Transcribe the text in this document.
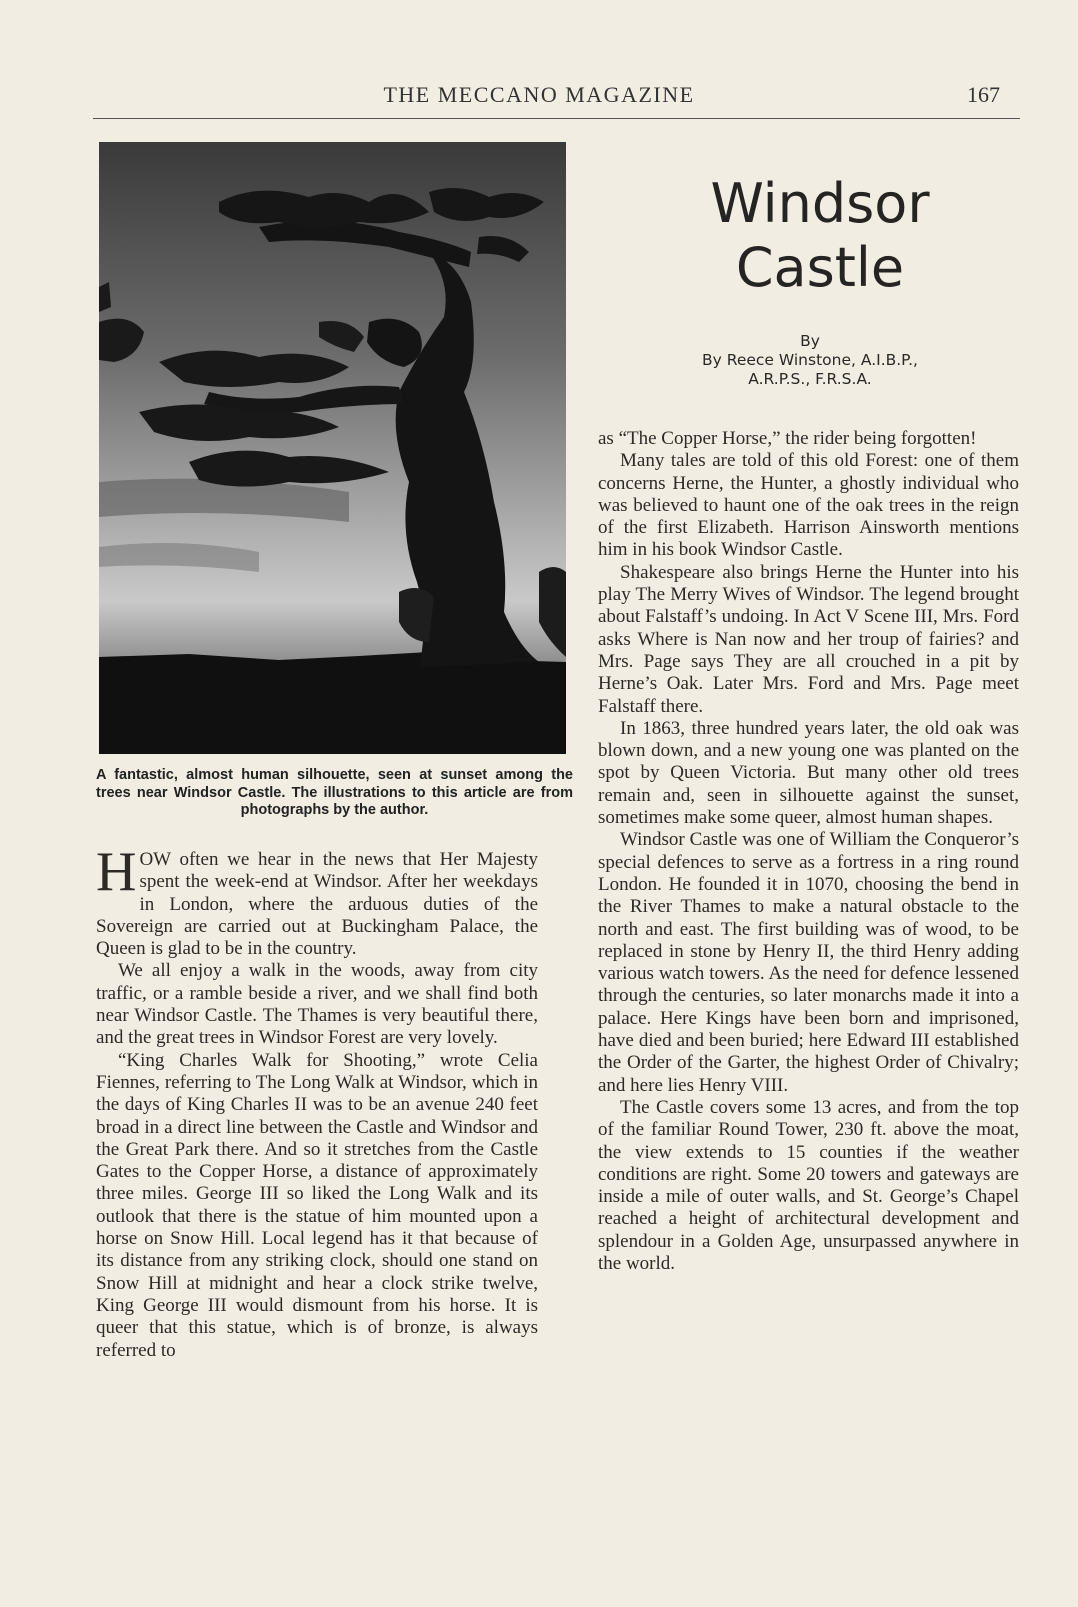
THE MECCANO MAGAZINE	167
A fantastic, almost human silhouette, seen at sunset among the trees near Windsor Castle. The illustrations to this article are from photographs by the author.
Windsor
Castle
By
By Reece Winstone, A.I.B.P.,
A.R.P.S., F.R.S.A.

HOW often we hear in the news that Her Majesty spent the week-end at Windsor. After her weekdays in London, where the arduous duties of the Sovereign are carried out at Buckingham Palace, the Queen is glad to be in the country.

We all enjoy a walk in the woods, away from city traffic, or a ramble beside a river, and we shall find both near Windsor Castle. The Thames is very beautiful there, and the great trees in Windsor Forest are very lovely.

“King Charles Walk for Shooting,” wrote Celia Fiennes, referring to The Long Walk at Windsor, which in the days of King Charles II was to be an avenue 240 feet broad in a direct line between the Castle and Windsor and the Great Park there. And so it stretches from the Castle Gates to the Copper Horse, a distance of approximately three miles. George III so liked the Long Walk and its outlook that there is the statue of him mounted upon a horse on Snow Hill. Local legend has it that because of its distance from any striking clock, should one stand on Snow Hill at midnight and hear a clock strike twelve, King George III would dismount from his horse. It is queer that this statue, which is of bronze, is always referred to

as “The Copper Horse,” the rider being forgotten!

Many tales are told of this old Forest: one of them concerns Herne, the Hunter, a ghostly individual who was believed to haunt one of the oak trees in the reign of the first Elizabeth. Harrison Ainsworth mentions him in his book Windsor Castle.

Shakespeare also brings Herne the Hunter into his play The Merry Wives of Windsor. The legend brought about Falstaff’s undoing. In Act V Scene III, Mrs. Ford asks Where is Nan now and her troup of fairies? and Mrs. Page says They are all crouched in a pit by Herne’s Oak. Later Mrs. Ford and Mrs. Page meet Falstaff there.

In 1863, three hundred years later, the old oak was blown down, and a new young one was planted on the spot by Queen Victoria. But many other old trees remain and, seen in silhouette against the sunset, sometimes make some queer, almost human shapes.

Windsor Castle was one of William the Conqueror’s special defences to serve as a fortress in a ring round London. He founded it in 1070, choosing the bend in the River Thames to make a natural obstacle to the north and east. The first building was of wood, to be replaced in stone by Henry II, the third Henry adding various watch towers. As the need for defence lessened through the centuries, so later monarchs made it into a palace. Here Kings have been born and imprisoned, have died and been buried; here Edward III established the Order of the Garter, the highest Order of Chivalry; and here lies Henry VIII.

The Castle covers some 13 acres, and from the top of the familiar Round Tower, 230 ft. above the moat, the view extends to 15 counties if the weather conditions are right. Some 20 towers and gateways are inside a mile of outer walls, and St. George’s Chapel reached a height of architectural development and splendour in a Golden Age, unsurpassed anywhere in the world.
